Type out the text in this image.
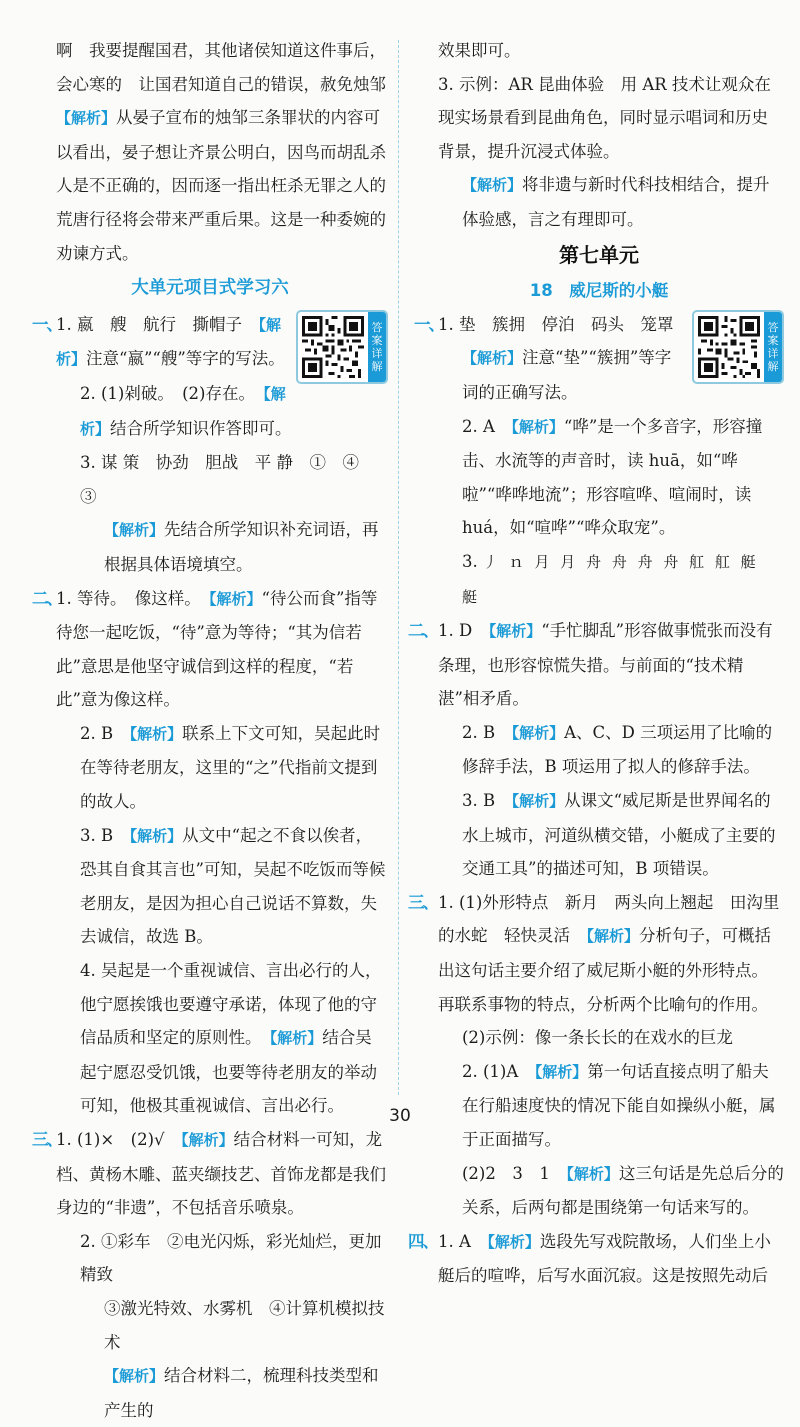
啊　我要提醒国君，其他诸侯知道这件事后，

会心寒的　让国君知道自己的错误，赦免烛邹

【解析】从晏子宣布的烛邹三条罪状的内容可以看出，晏子想让齐景公明白，因鸟而胡乱杀人是不正确的，因而逐一指出枉杀无罪之人的荒唐行径将会带来严重后果。这是一种委婉的劝谏方式。

大单元项目式学习六
答
案
详
解

一、1. 嬴　艘　航行　撕帽子　【解析】注意“嬴”“艘”等字的写法。

2. (1)剁破。　(2)存在。　【解析】结合所学知识作答即可。

3. 谋 策　协劲　胆战　平 静　①　④　③

【解析】先结合所学知识补充词语，再根据具体语境填空。

二、1. 等待。　像这样。　【解析】“待公而食”指等待您一起吃饭，“待”意为等待；“其为信若此”意思是他坚守诚信到这样的程度，“若此”意为像这样。

2. B　【解析】联系上下文可知，吴起此时在等待老朋友，这里的“之”代指前文提到的故人。

3. B　【解析】从文中“起之不食以俟者，恐其自食其言也”可知，吴起不吃饭而等候老朋友，是因为担心自己说话不算数，失去诚信，故选 B。

4. 吴起是一个重视诚信、言出必行的人，他宁愿挨饿也要遵守承诺，体现了他的守信品质和坚定的原则性。　【解析】结合吴起宁愿忍受饥饿，也要等待老朋友的举动可知，他极其重视诚信、言出必行。

三、1. (1)×　(2)√　【解析】结合材料一可知，龙档、黄杨木雕、蓝夹缬技艺、首饰龙都是我们身边的“非遗”，不包括音乐喷泉。

2. ①彩车　②电光闪烁，彩光灿烂，更加精致

③激光特效、水雾机　④计算机模拟技术

【解析】结合材料二，梳理科技类型和产生的

效果即可。

3. 示例：AR 昆曲体验　用 AR 技术让观众在现实场景看到昆曲角色，同时显示唱词和历史背景，提升沉浸式体验。

【解析】将非遗与新时代科技相结合，提升体验感，言之有理即可。

第七单元
18　威尼斯的小艇
答
案
详
解

一、1. 垫　簇拥　停泊　码头　笼罩

【解析】注意“垫”“簇拥”等字词的正确写法。

2. A　【解析】“哗”是一个多音字，形容撞击、水流等的声音时，读 huā，如“哗啦”“哗哗地流”；形容喧哗、喧闹时，读 huá，如“喧哗”“哗众取宠”。

3. 丿 ｎ 月 月 舟 舟 舟 舟 舡 舡 艇 艇

二、1. D　【解析】“手忙脚乱”形容做事慌张而没有条理，也形容惊慌失措。与前面的“技术精湛”相矛盾。

2. B　【解析】A、C、D 三项运用了比喻的修辞手法，B 项运用了拟人的修辞手法。

3. B　【解析】从课文“威尼斯是世界闻名的水上城市，河道纵横交错，小艇成了主要的交通工具”的描述可知，B 项错误。

三、1. (1)外形特点　新月　两头向上翘起　田沟里的水蛇　轻快灵活　【解析】分析句子，可概括出这句话主要介绍了威尼斯小艇的外形特点。再联系事物的特点，分析两个比喻句的作用。

(2)示例：像一条长长的在戏水的巨龙

2. (1)A　【解析】第一句话直接点明了船夫在行船速度快的情况下能自如操纵小艇，属于正面描写。

(2)2　3　1　【解析】这三句话是先总后分的关系，后两句都是围绕第一句话来写的。

四、1. A　【解析】选段先写戏院散场，人们坐上小艇后的喧哗，后写水面沉寂。这是按照先动后

30
